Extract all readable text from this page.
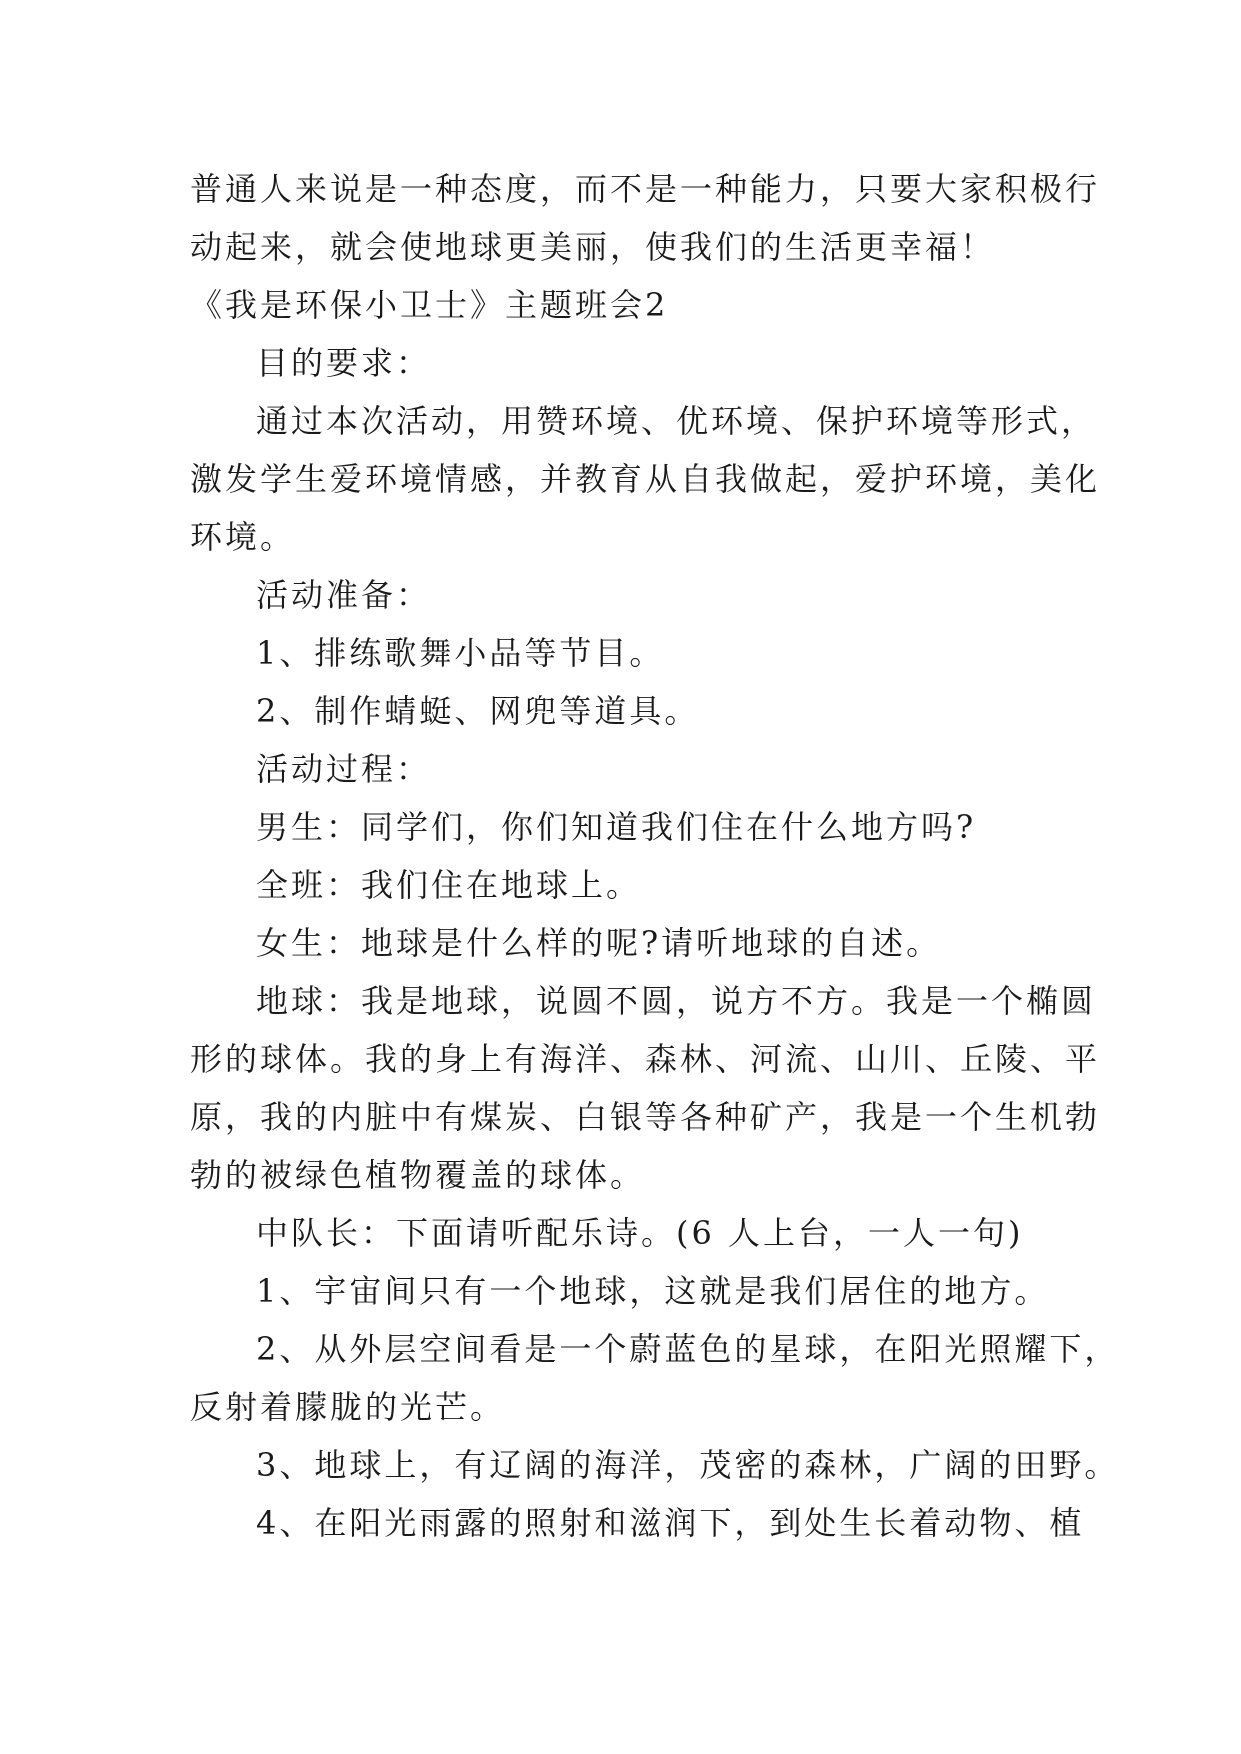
普通人来说是一种态度，而不是一种能力，只要大家积极行
动起来，就会使地球更美丽，使我们的生活更幸福！
《我是环保小卫士》主题班会2
目的要求：
通过本次活动，用赞环境、优环境、保护环境等形式，
激发学生爱环境情感，并教育从自我做起，爱护环境，美化
环境。
活动准备：
1、排练歌舞小品等节目。
2、制作蜻蜓、网兜等道具。
活动过程：
男生：同学们，你们知道我们住在什么地方吗?
全班：我们住在地球上。
女生：地球是什么样的呢?请听地球的自述。
地球：我是地球，说圆不圆，说方不方。我是一个椭圆
形的球体。我的身上有海洋、森林、河流、山川、丘陵、平
原，我的内脏中有煤炭、白银等各种矿产，我是一个生机勃
勃的被绿色植物覆盖的球体。
中队长：下面请听配乐诗。(6 人上台，一人一句)
1、宇宙间只有一个地球，这就是我们居住的地方。
2、从外层空间看是一个蔚蓝色的星球，在阳光照耀下，
反射着朦胧的光芒。
3、地球上，有辽阔的海洋，茂密的森林，广阔的田野。
4、在阳光雨露的照射和滋润下，到处生长着动物、植
